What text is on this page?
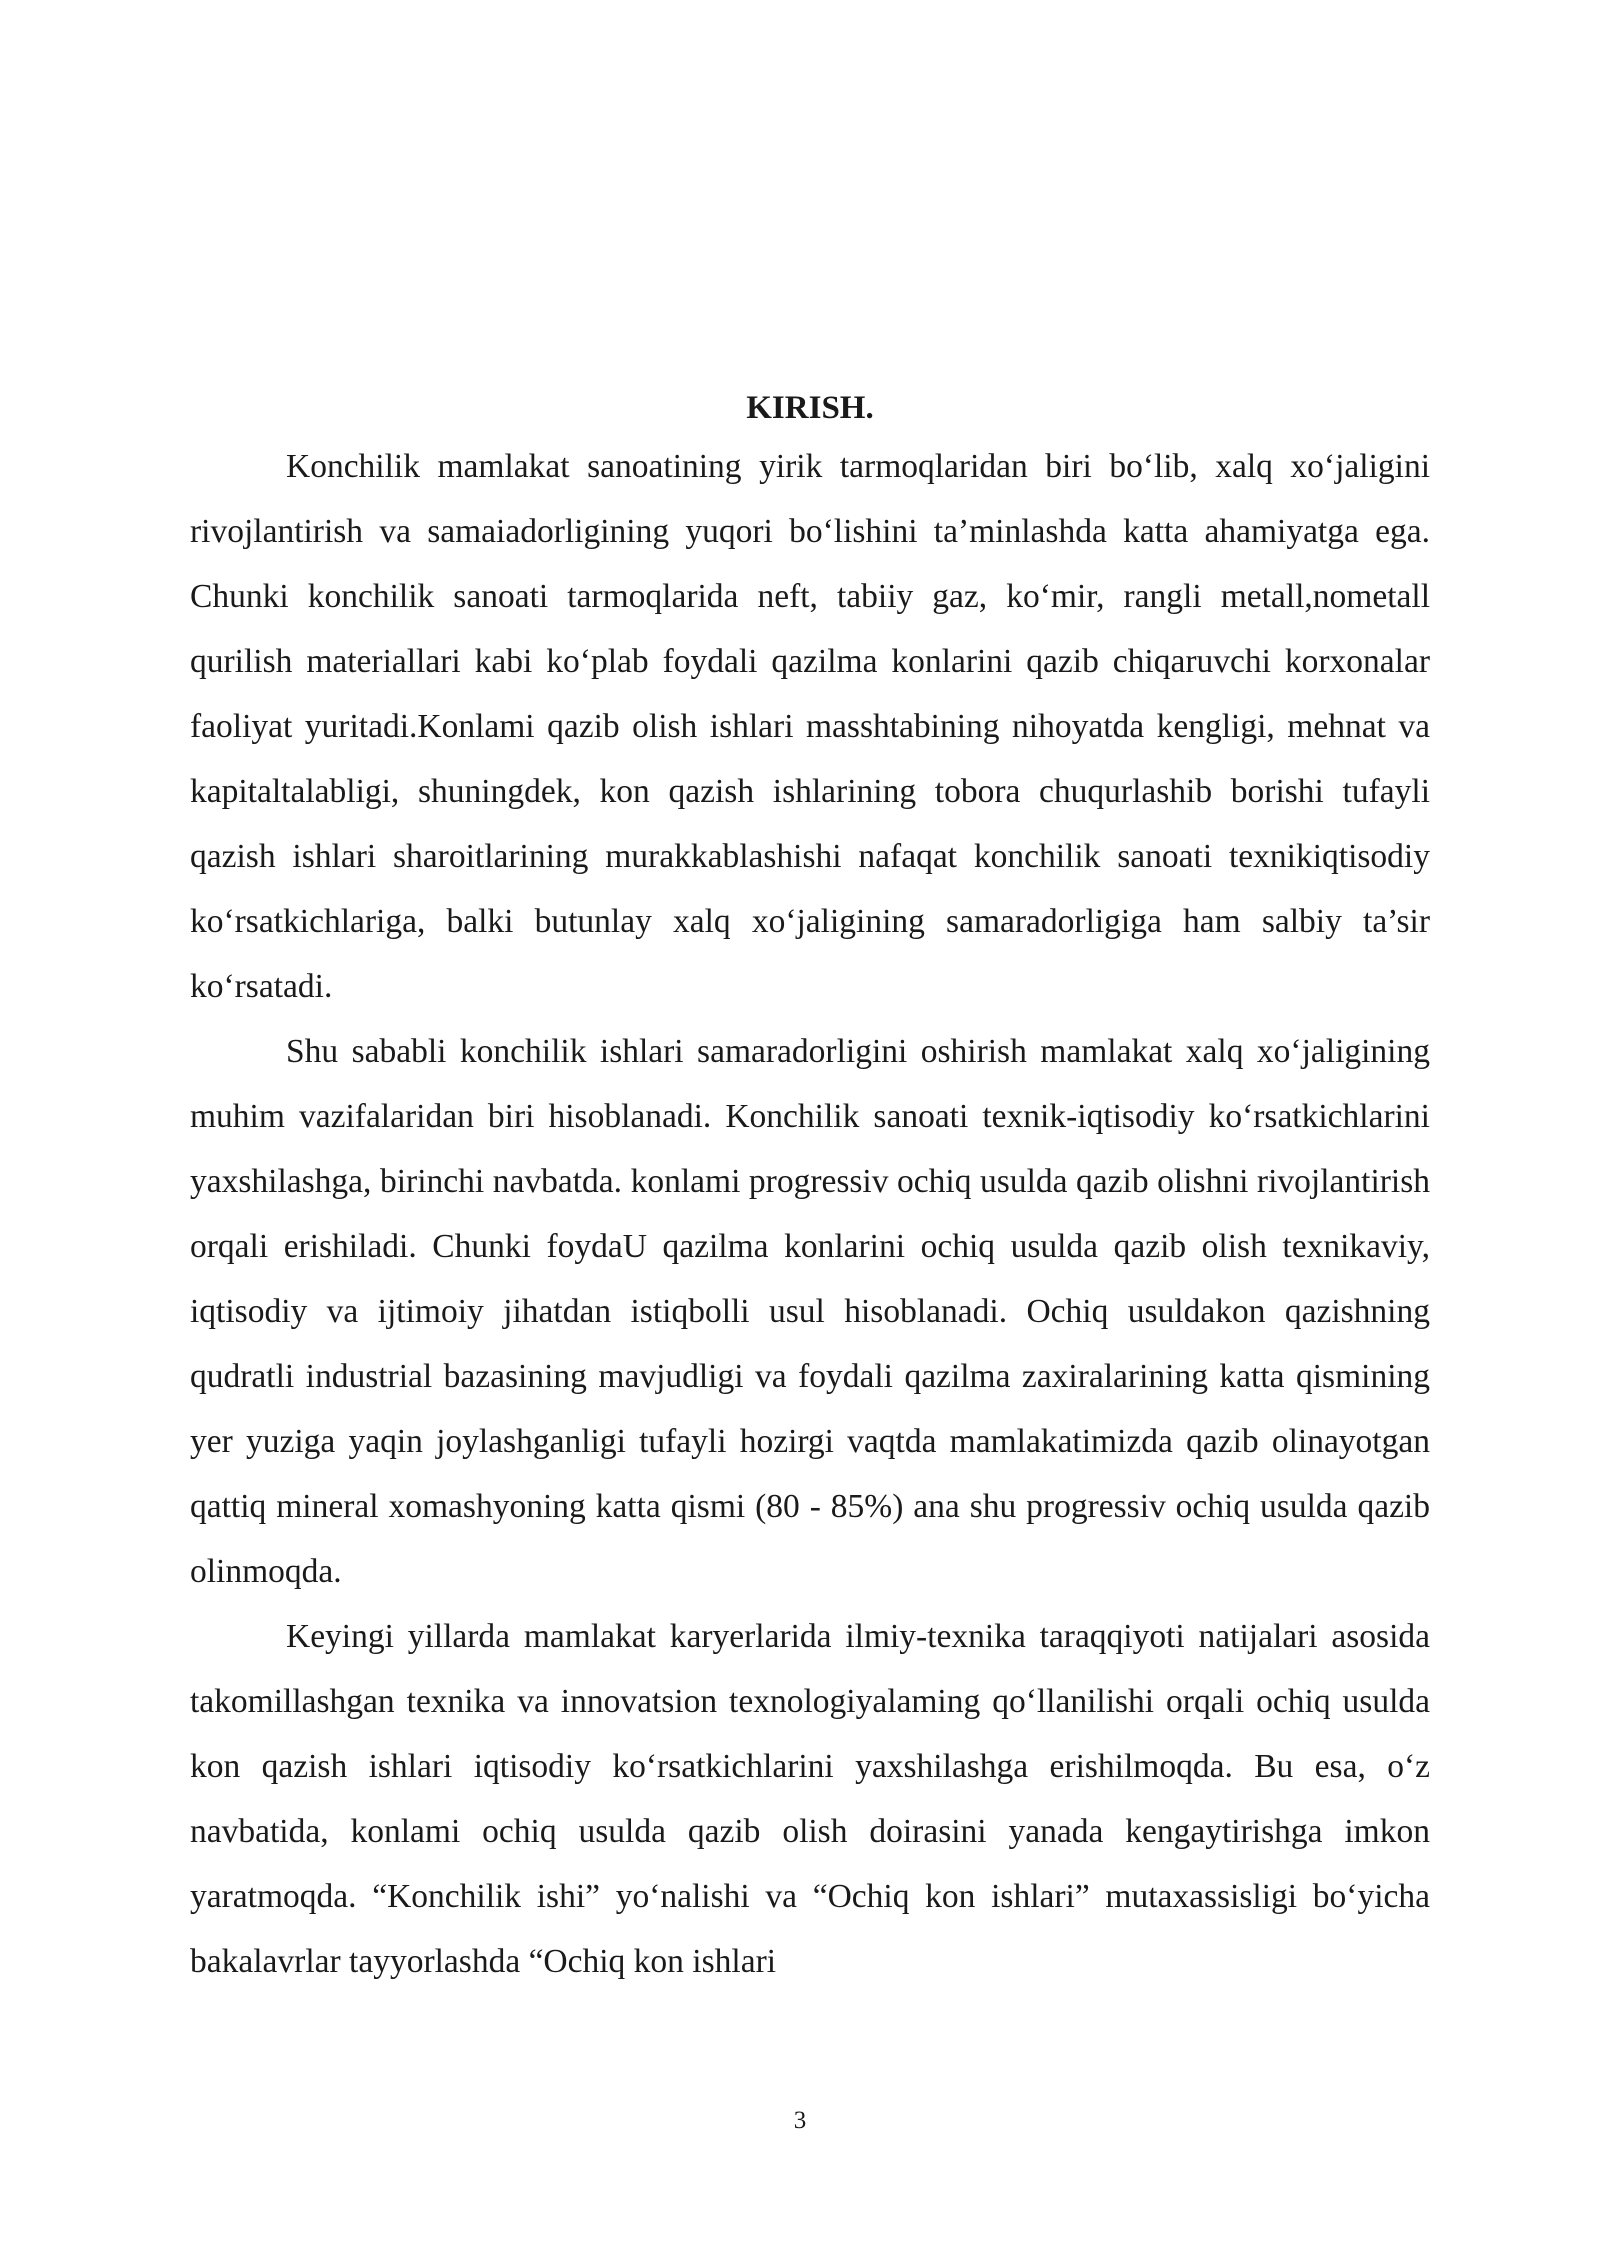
KIRISH.

Konchilik mamlakat sanoatining yirik tarmoqlaridan biri bo‘lib, xalq xo‘jaligini rivojlantirish va samaiadorligining yuqori bo‘lishini ta’minlashda katta ahamiyatga ega. Chunki konchilik sanoati tarmoqlarida neft, tabiiy gaz, ko‘mir, rangli metall,nometall qurilish materiallari kabi ko‘plab foydali qazilma konlarini qazib chiqaruvchi korxonalar faoliyat yuritadi.Konlami qazib olish ishlari masshtabining nihoyatda kengligi, mehnat va kapitaltalabligi, shuningdek, kon qazish ishlarining tobora chuqurlashib borishi tufayli qazish ishlari sharoitlarining murakkablashishi nafaqat konchilik sanoati texnikiqtisodiy ko‘rsatkichlariga, balki butunlay xalq xo‘jaligining samaradorligiga ham salbiy ta’sir ko‘rsatadi.

Shu sababli konchilik ishlari samaradorligini oshirish mamlakat xalq xo‘jaligining muhim vazifalaridan biri hisoblanadi. Konchilik sanoati texnik-iqtisodiy ko‘rsatkichlarini yaxshilashga, birinchi navbatda. konlami progressiv ochiq usulda qazib olishni rivojlantirish orqali erishiladi. Chunki foydaU qazilma konlarini ochiq usulda qazib olish texnikaviy, iqtisodiy va ijtimoiy jihatdan istiqbolli usul hisoblanadi. Ochiq usuldakon qazishning qudratli industrial bazasining mavjudligi va foydali qazilma zaxiralarining katta qismining yer yuziga yaqin joylashganligi tufayli hozirgi vaqtda mamlakatimizda qazib olinayotgan qattiq mineral xomashyoning katta qismi (80 - 85%) ana shu progressiv ochiq usulda qazib olinmoqda.

Keyingi yillarda mamlakat karyerlarida ilmiy-texnika taraqqiyoti natijalari asosida takomillashgan texnika va innovatsion texnologiyalaming qo‘llanilishi orqali ochiq usulda kon qazish ishlari iqtisodiy ko‘rsatkichlarini yaxshilashga erishilmoqda. Bu esa, o‘z navbatida, konlami ochiq usulda qazib olish doirasini yanada kengaytirishga imkon yaratmoqda. “Konchilik ishi” yo‘nalishi va “Ochiq kon ishlari” mutaxassisligi bo‘yicha bakalavrlar tayyorlashda “Ochiq kon ishlari

3
